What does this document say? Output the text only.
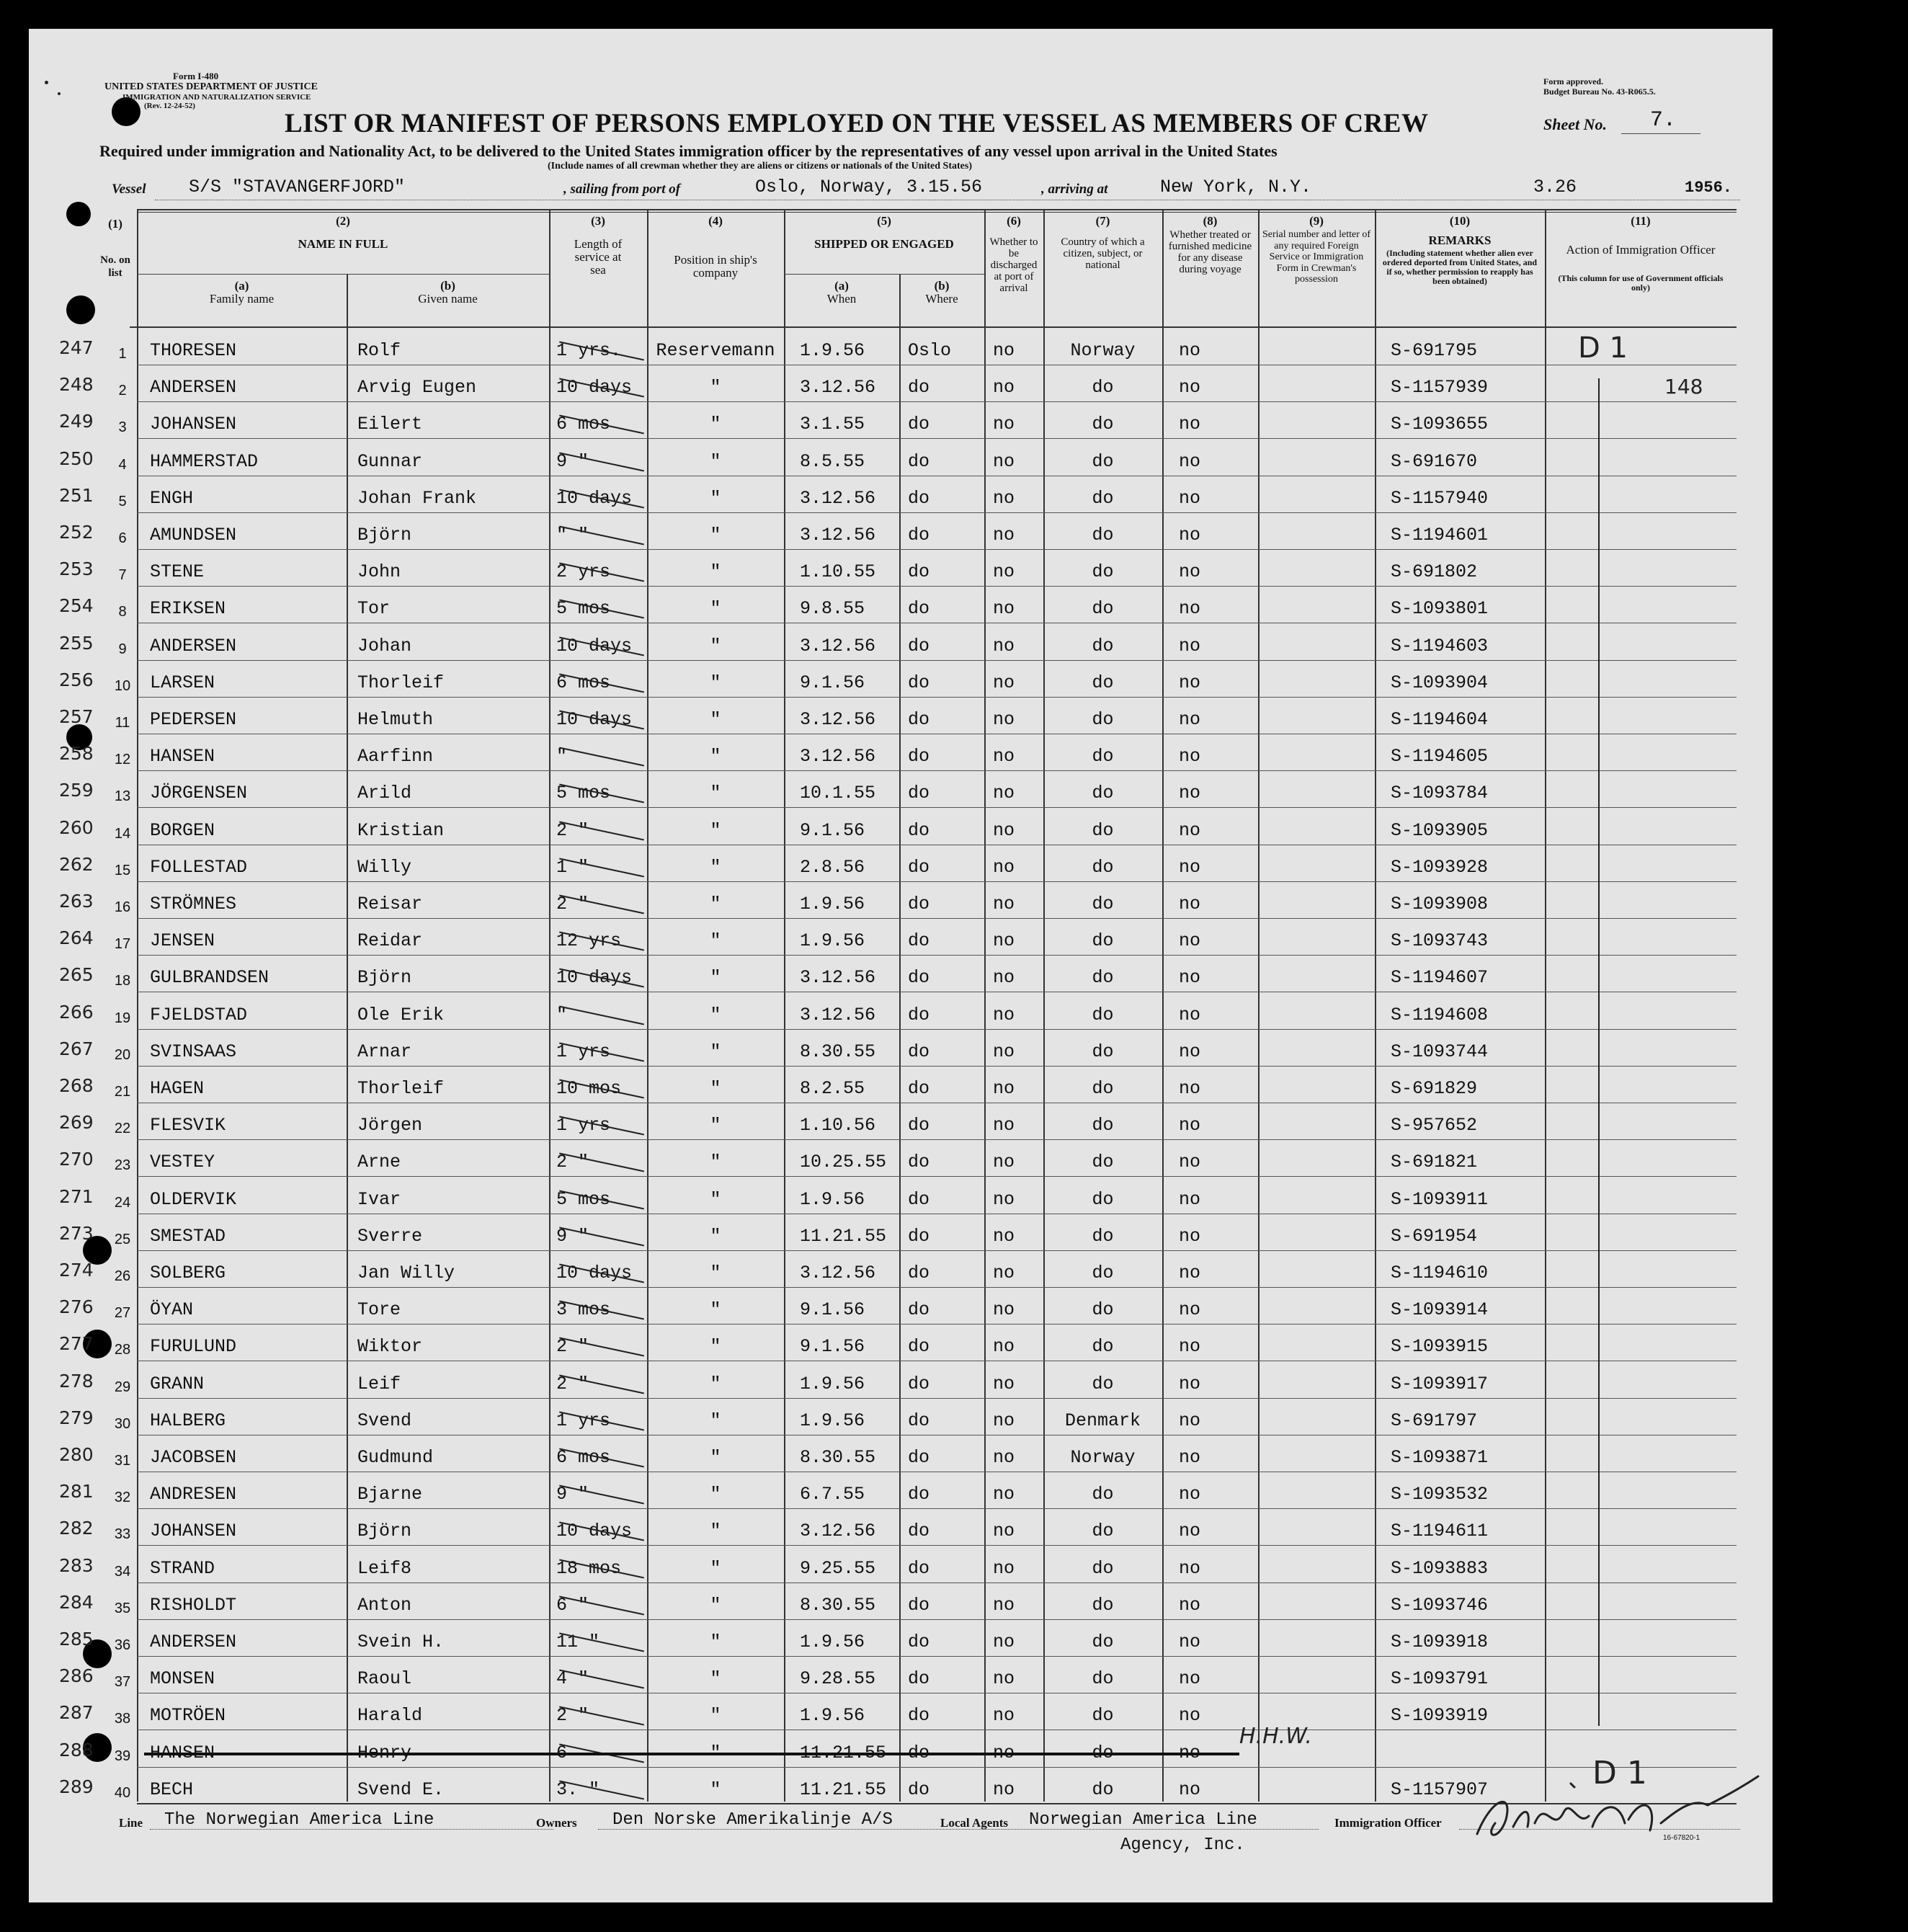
Form I-480
UNITED STATES DEPARTMENT OF JUSTICE
IMMIGRATION AND NATURALIZATION SERVICE
(Rev. 12-24-52)
Form approved.
Budget Bureau No. 43-R065.5.
LIST OR MANIFEST OF PERSONS EMPLOYED ON THE VESSEL AS MEMBERS OF CREW	Sheet No. 7.
Required under immigration and Nationality Act, to be delivered to the United States immigration officer by the representatives of any vessel upon arrival in the United States
(Include names of all crewman whether they are aliens or citizens or nationals of the United States)
Vessel S/S "STAVANGERFJORD"	, sailing from port of	Oslo, Norway, 3.15.56	, arriving at	New York, N.Y.	3.26	1956.
(1)
No. on list
(2)
NAME IN FULL
(a)
Family name
(b)
Given name
(3)
Length of service at sea
(4)
Position in ship's company
(5)
SHIPPED OR ENGAGED
(a)
When
(b)
Where
(6)
Whether to be discharged at port of arrival
(7)
Country of which a citizen, subject, or national
(8)
Whether treated or furnished medicine for any disease during voyage
(9)
Serial number and letter of any required Foreign Service or Immigration Form in Crewman's possession
(10)
REMARKS
(Including statement whether alien ever ordered deported from United States, and if so, whether permission to reapply has been obtained)
(11)
Action of Immigration Officer
(This column for use of Government officials only)
247	1	THORESEN	Rolf	1 yrs.	Reservemann	1.9.56 Oslo no	Norway	no	S-691795
248	2	ANDERSEN	Arvig Eugen	10 days	"	3.12.56 do	no	do	no	S-1157939
249	3	JOHANSEN	Eilert	6 mos	"	3.1.55 do	no	do	no	S-1093655
250	4	HAMMERSTAD	Gunnar	9 "	"	8.5.55 do	no	do	no	S-691670
251	5	ENGH	Johan Frank	10 days	"	3.12.56 do	no	do	no	S-1157940
252	6	AMUNDSEN	Björn	" "	"	3.12.56 do	no	do	no	S-1194601
253	7	STENE	John	2 yrs	"	1.10.55 do	no	do	no	S-691802
254	8	ERIKSEN	Tor	5 mos	"	9.8.55 do	no	do	no	S-1093801
255	9	ANDERSEN	Johan	10 days	"	3.12.56 do	no	do	no	S-1194603
256	10	LARSEN	Thorleif	6 mos	"	9.1.56 do	no	do	no	S-1093904
257	11	PEDERSEN	Helmuth	10 days	"	3.12.56 do	no	do	no	S-1194604
258	12	HANSEN	Aarfinn	"	"	3.12.56 do	no	do	no	S-1194605
259	13	JÖRGENSEN	Arild	5 mos	"	10.1.55 do	no	do	no	S-1093784
260	14	BORGEN	Kristian	2 "	"	9.1.56 do	no	do	no	S-1093905
262	15	FOLLESTAD	Willy	1 "	"	2.8.56 do	no	do	no	S-1093928
263	16	STRÖMNES	Reisar	2 "	"	1.9.56 do	no	do	no	S-1093908
264	17	JENSEN	Reidar	12 yrs	"	1.9.56 do	no	do	no	S-1093743
265	18	GULBRANDSEN	Björn	10 days	"	3.12.56 do	no	do	no	S-1194607
266	19	FJELDSTAD	Ole Erik	"	"	3.12.56 do	no	do	no	S-1194608
267	20	SVINSAAS	Arnar	1 yrs	"	8.30.55 do	no	do	no	S-1093744
268	21	HAGEN	Thorleif	10 mos	"	8.2.55 do	no	do	no	S-691829
269	22	FLESVIK	Jörgen	1 yrs	"	1.10.56 do	no	do	no	S-957652
270	23	VESTEY	Arne	2 "	"	10.25.55 do	no	do	no	S-691821
271	24	OLDERVIK	Ivar	5 mos	"	1.9.56 do	no	do	no	S-1093911
273	25	SMESTAD	Sverre	9 "	"	11.21.55 do	no	do	no	S-691954
274	26	SOLBERG	Jan Willy	10 days	"	3.12.56 do	no	do	no	S-1194610
276	27	ÖYAN	Tore	3 mos	"	9.1.56 do	no	do	no	S-1093914
277	28	FURULUND	Wiktor	2 "	"	9.1.56 do	no	do	no	S-1093915
278	29	GRANN	Leif	2 "	"	1.9.56 do	no	do	no	S-1093917
279	30	HALBERG	Svend	1 yrs	"	1.9.56 do	no	Denmark	no	S-691797
280	31	JACOBSEN	Gudmund	6 mos	"	8.30.55 do	no	Norway	no	S-1093871
281	32	ANDRESEN	Bjarne	9 "	"	6.7.55 do	no	do	no	S-1093532
282	33	JOHANSEN	Björn	10 days	"	3.12.56 do	no	do	no	S-1194611
283	34	STRAND	Leif8	18 mos	"	9.25.55 do	no	do	no	S-1093883
284	35	RISHOLDT	Anton	6 "	"	8.30.55 do	no	do	no	S-1093746
285	36	ANDERSEN	Svein H.	11 "	"	1.9.56 do	no	do	no	S-1093918
286	37	MONSEN	Raoul	4 "	"	9.28.55 do	no	do	no	S-1093791
287	38	MOTRÖEN	Harald	2 "	"	1.9.56 do	no	do	no	S-1093919
288	39	HANSEN	Henry	6	"	11.21.55 do	no	do	no
289	40	BECH	Svend E.	3. "	"	11.21.55 do	no	do	no	S-1157907
D 1
148
D 1
H.H.W.
Line The Norwegian America Line	Owners Den Norske Amerikalinje A/S	Local Agents Norwegian America Line
Agency, Inc.
Immigration Officer
16-67820-1
